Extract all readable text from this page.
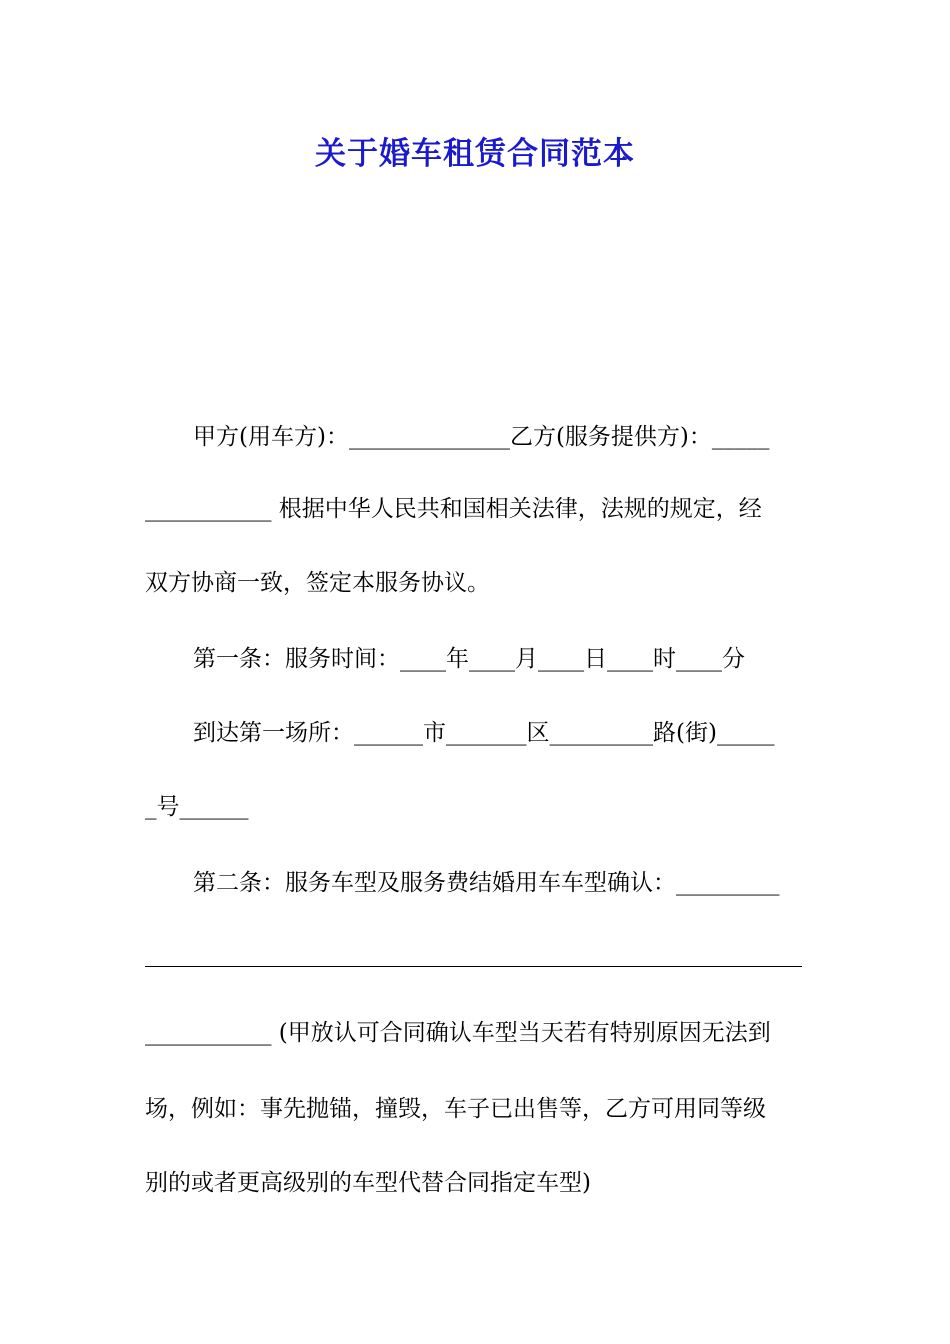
关于婚车租赁合同范本
甲方(用车方)：______________乙方(服务提供方)：_____
___________ 根据中华人民共和国相关法律，法规的规定，经
双方协商一致，签定本服务协议。
第一条：服务时间：____年____月____日____时____分
到达第一场所：______市_______区_________路(街)_____
_号______
第二条：服务车型及服务费结婚用车车型确认：_________
___________ (甲放认可合同确认车型当天若有特别原因无法到
场，例如：事先抛锚，撞毁，车子已出售等，乙方可用同等级
别的或者更高级别的车型代替合同指定车型)
